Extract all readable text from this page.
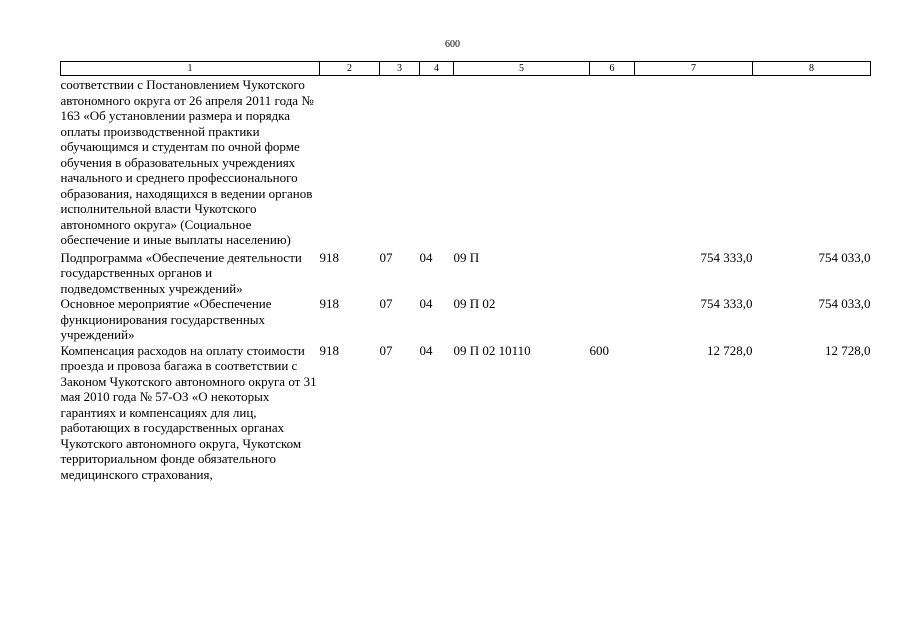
600
1	2	3	4	5	6	7	8
соответствии с Постановлением Чукотского автономного округа от 26 апреля 2011 года № 163 «Об установлении размера и порядка оплаты производственной практики обучающимся и студентам по очной форме обучения в образовательных учреждениях начального и среднего профессионального образования, находящихся в ведении органов исполнительной власти Чукотского автономного округа» (Социальное обеспечение и иные выплаты населению)							
Подпрограмма «Обеспечение деятельности государственных органов и подведомственных учреждений»	918	07	04	09 П		754 333,0	754 033,0
Основное мероприятие «Обеспечение функционирования государственных учреждений»	918	07	04	09 П 02		754 333,0	754 033,0
Компенсация расходов на оплату стоимости проезда и провоза багажа в соответствии с Законом Чукотского автономного округа от 31 мая 2010 года № 57-ОЗ «О некоторых гарантиях и компенсациях для лиц, работающих в государственных органах Чукотского автономного округа, Чукотском территориальном фонде обязательного медицинского страхования,	918	07	04	09 П 02 10110	600	12 728,0	12 728,0
